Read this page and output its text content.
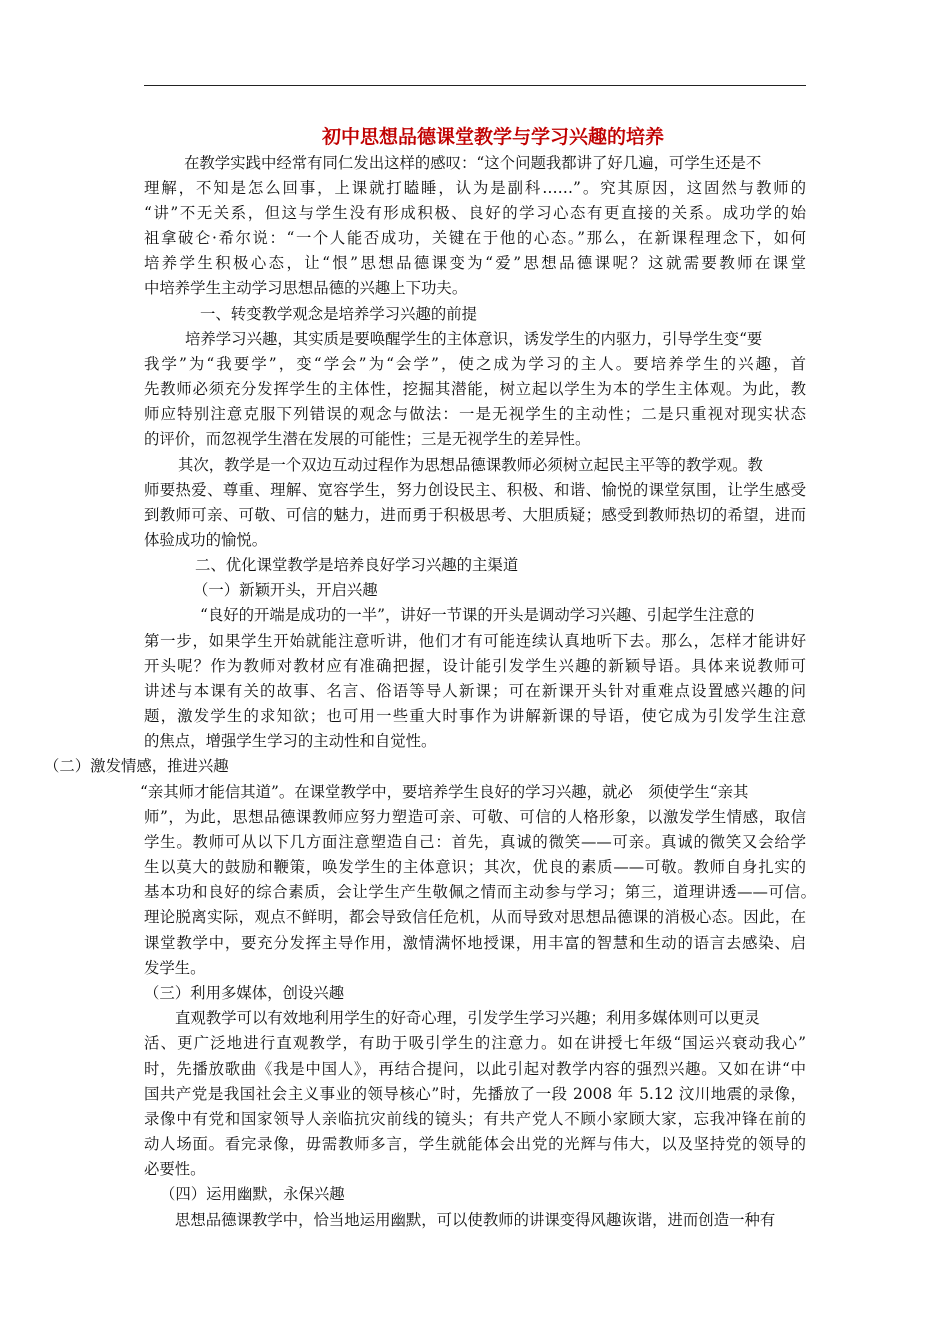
初中思想品德课堂教学与学习兴趣的培养
在教学实践中经常有同仁发出这样的感叹：“这个问题我都讲了好几遍，可学生还是不
理解，不知是怎么回事，上课就打瞌睡，认为是副科……”。究其原因，这固然与教师的
“讲”不无关系，但这与学生没有形成积极、良好的学习心态有更直接的关系。成功学的始
祖拿破仑·希尔说：“一个人能否成功，关键在于他的心态。”那么，在新课程理念下，如何
培养学生积极心态，让“恨”思想品德课变为“爱”思想品德课呢？这就需要教师在课堂
中培养学生主动学习思想品德的兴趣上下功夫。
一、转变教学观念是培养学习兴趣的前提
培养学习兴趣，其实质是要唤醒学生的主体意识，诱发学生的内驱力，引导学生变“要
我学”为“我要学”，变“学会”为“会学”，使之成为学习的主人。要培养学生的兴趣，首
先教师必须充分发挥学生的主体性，挖掘其潜能，树立起以学生为本的学生主体观。为此，教
师应特别注意克服下列错误的观念与做法：一是无视学生的主动性；二是只重视对现实状态
的评价，而忽视学生潜在发展的可能性；三是无视学生的差异性。
其次，教学是一个双边互动过程作为思想品德课教师必须树立起民主平等的教学观。教
师要热爱、尊重、理解、宽容学生，努力创设民主、积极、和谐、愉悦的课堂氛围，让学生感受
到教师可亲、可敬、可信的魅力，进而勇于积极思考、大胆质疑；感受到教师热切的希望，进而
体验成功的愉悦。
二、优化课堂教学是培养良好学习兴趣的主渠道
（一）新颖开头，开启兴趣
“良好的开端是成功的一半”，讲好一节课的开头是调动学习兴趣、引起学生注意的
第一步，如果学生开始就能注意听讲，他们才有可能连续认真地听下去。那么，怎样才能讲好
开头呢？作为教师对教材应有准确把握，设计能引发学生兴趣的新颖导语。具体来说教师可
讲述与本课有关的故事、名言、俗语等导人新课；可在新课开头针对重难点设置感兴趣的问
题，激发学生的求知欲；也可用一些重大时事作为讲解新课的导语，使它成为引发学生注意
的焦点，增强学生学习的主动性和自觉性。
（二）激发情感，推进兴趣
“亲其师才能信其道”。在课堂教学中，要培养学生良好的学习兴趣，就必　须使学生“亲其
师”，为此，思想品德课教师应努力塑造可亲、可敬、可信的人格形象，以激发学生情感，取信
学生。教师可从以下几方面注意塑造自己：首先，真诚的微笑——可亲。真诚的微笑又会给学
生以莫大的鼓励和鞭策，唤发学生的主体意识；其次，优良的素质——可敬。教师自身扎实的
基本功和良好的综合素质，会让学生产生敬佩之情而主动参与学习；第三，道理讲透——可信。
理论脱离实际，观点不鲜明，都会导致信任危机，从而导致对思想品德课的消极心态。因此，在
课堂教学中，要充分发挥主导作用，激情满怀地授课，用丰富的智慧和生动的语言去感染、启
发学生。
（三）利用多媒体，创设兴趣
直观教学可以有效地利用学生的好奇心理，引发学生学习兴趣；利用多媒体则可以更灵
活、更广泛地进行直观教学，有助于吸引学生的注意力。如在讲授七年级“国运兴衰动我心”
时，先播放歌曲《我是中国人》，再结合提问，以此引起对教学内容的强烈兴趣。又如在讲“中
国共产党是我国社会主义事业的领导核心”时，先播放了一段 2008 年 5.12 汶川地震的录像，
录像中有党和国家领导人亲临抗灾前线的镜头；有共产党人不顾小家顾大家，忘我冲锋在前的
动人场面。看完录像，毋需教师多言，学生就能体会出党的光辉与伟大，以及坚持党的领导的
必要性。
（四）运用幽默，永保兴趣
思想品德课教学中，恰当地运用幽默，可以使教师的讲课变得风趣诙谐，进而创造一种有
